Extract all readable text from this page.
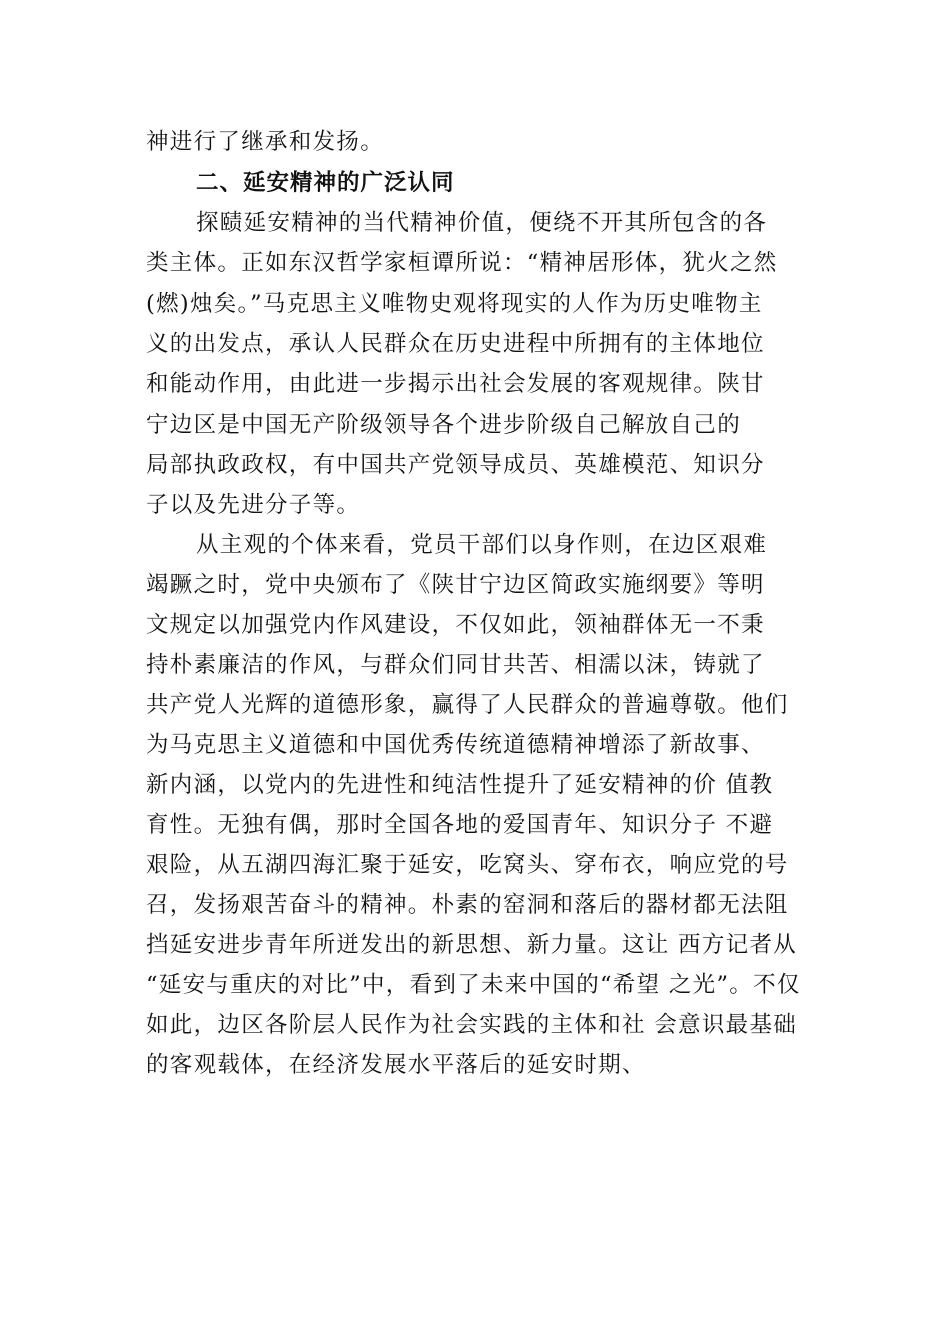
神进行了继承和发扬。
二、延安精神的广泛认同
探赜延安精神的当代精神价值，便绕不开其所包含的各
类主体。正如东汉哲学家桓谭所说：“精神居形体，犹火之然
(燃)烛矣。”马克思主义唯物史观将现实的人作为历史唯物主
义的出发点，承认人民群众在历史进程中所拥有的主体地位
和能动作用，由此进一步揭示出社会发展的客观规律。陕甘
宁边区是中国无产阶级领导各个进步阶级自己解放自己的
局部执政政权，有中国共产党领导成员、英雄模范、知识分
子以及先进分子等。
从主观的个体来看，党员干部们以身作则，在边区艰难
竭蹶之时，党中央颁布了《陕甘宁边区简政实施纲要》等明
文规定以加强党内作风建设，不仅如此，领袖群体无一不秉
持朴素廉洁的作风，与群众们同甘共苦、相濡以沫，铸就了
共产党人光辉的道德形象，赢得了人民群众的普遍尊敬。他们
为马克思主义道德和中国优秀传统道德精神增添了新故事、
新内涵，以党内的先进性和纯洁性提升了延安精神的价 值教
育性。无独有偶，那时全国各地的爱国青年、知识分子 不避
艰险，从五湖四海汇聚于延安，吃窝头、穿布衣，响应党的号
召，发扬艰苦奋斗的精神。朴素的窑洞和落后的器材都无法阻
挡延安进步青年所迸发出的新思想、新力量。这让 西方记者从
“延安与重庆的对比”中，看到了未来中国的“希望 之光”。不仅
如此，边区各阶层人民作为社会实践的主体和社 会意识最基础
的客观载体，在经济发展水平落后的延安时期、
